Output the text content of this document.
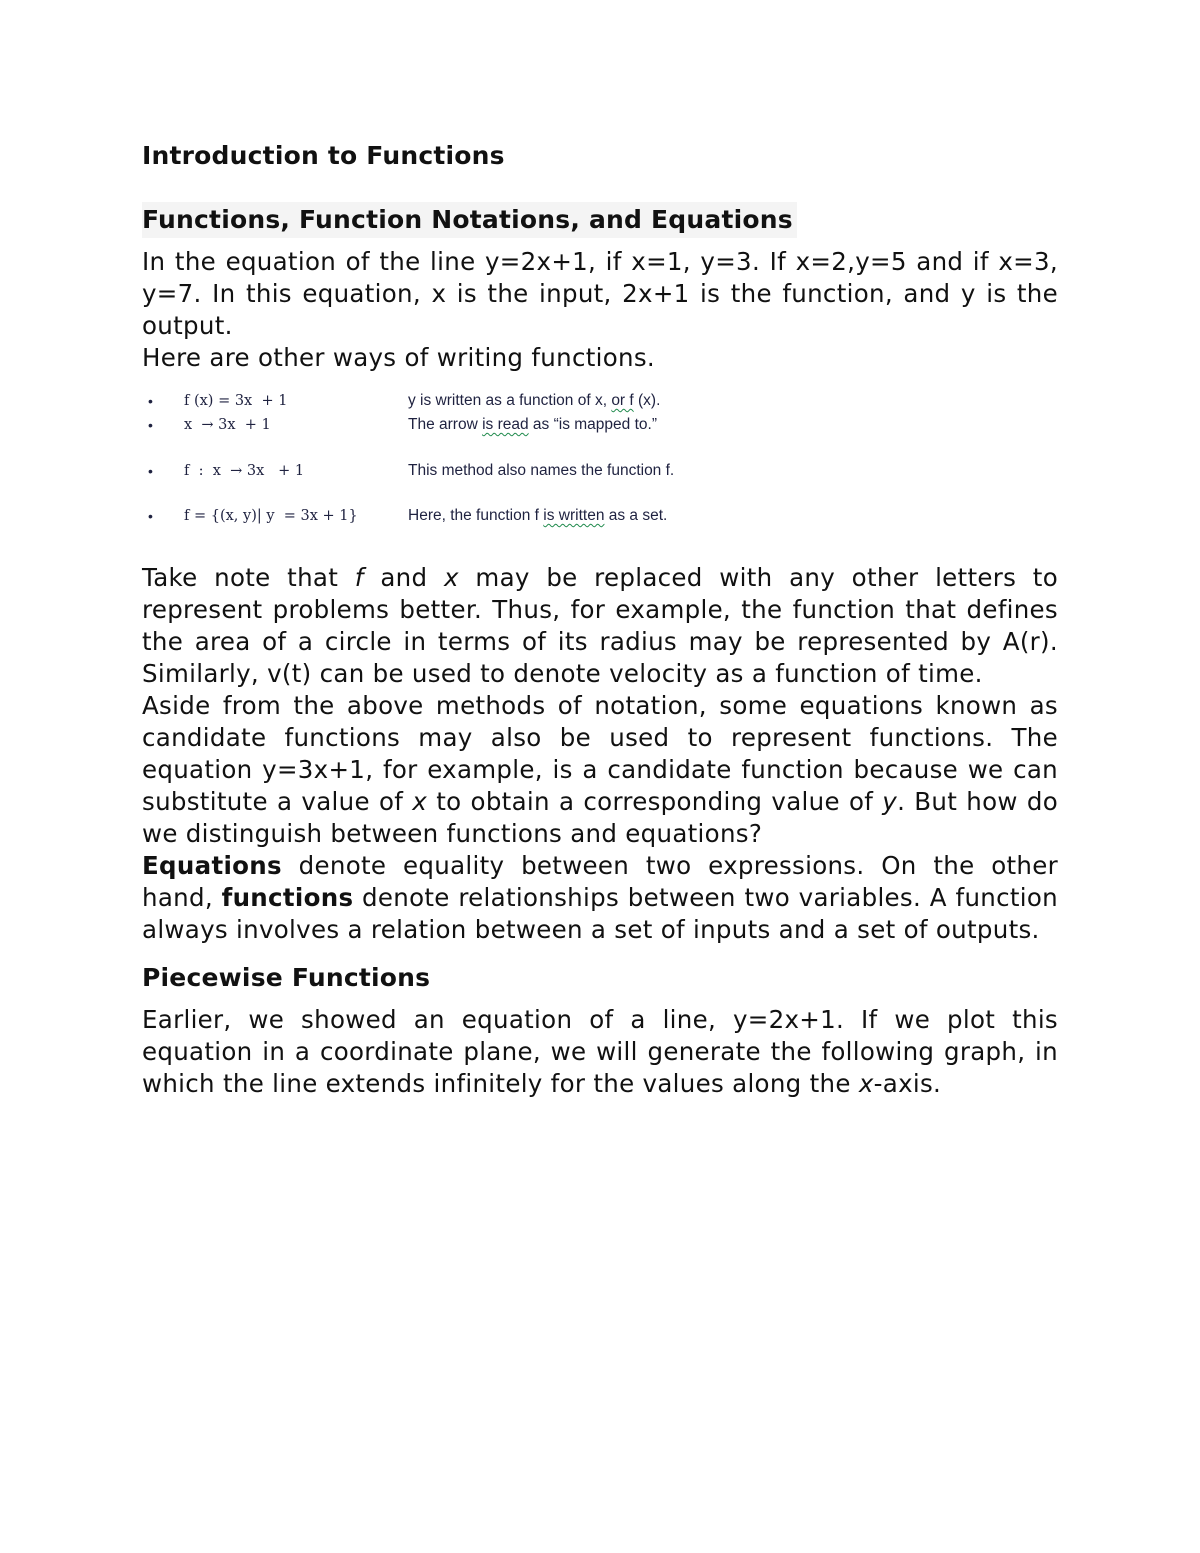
Introduction to Functions
Functions, Function Notations, and Equations

In the equation of the line y=2x+1, if x=1, y=3. If x=2,y=5 and if x=3, y=7. In this equation, x is the input, 2x+1 is the function, and y is the output.

Here are other ways of writing functions.

• f (x) = 3x  + 1	y is written as a function of x, or f (x).
• x  → 3x  + 1	The arrow is read as “is mapped to.”
• f  :  x  → 3x   + 1	This method also names the function f.
• f = {(x, y)| y  = 3x + 1}	Here, the function f is written as a set.

Take note that f and x may be replaced with any other letters to represent problems better. Thus, for example, the function that defines the area of a circle in terms of its radius may be represented by A(r). Similarly, v(t) can be used to denote velocity as a function of time.

Aside from the above methods of notation, some equations known as candidate functions may also be used to represent functions. The equation y=3x+1, for example, is a candidate function because we can substitute a value of x to obtain a corresponding value of y. But how do we distinguish between functions and equations?

Equations denote equality between two expressions. On the other hand, functions denote relationships between two variables. A function always involves a relation between a set of inputs and a set of outputs.

Piecewise Functions

Earlier, we showed an equation of a line, y=2x+1. If we plot this equation in a coordinate plane, we will generate the following graph, in which the line extends infinitely for the values along the x-axis.
